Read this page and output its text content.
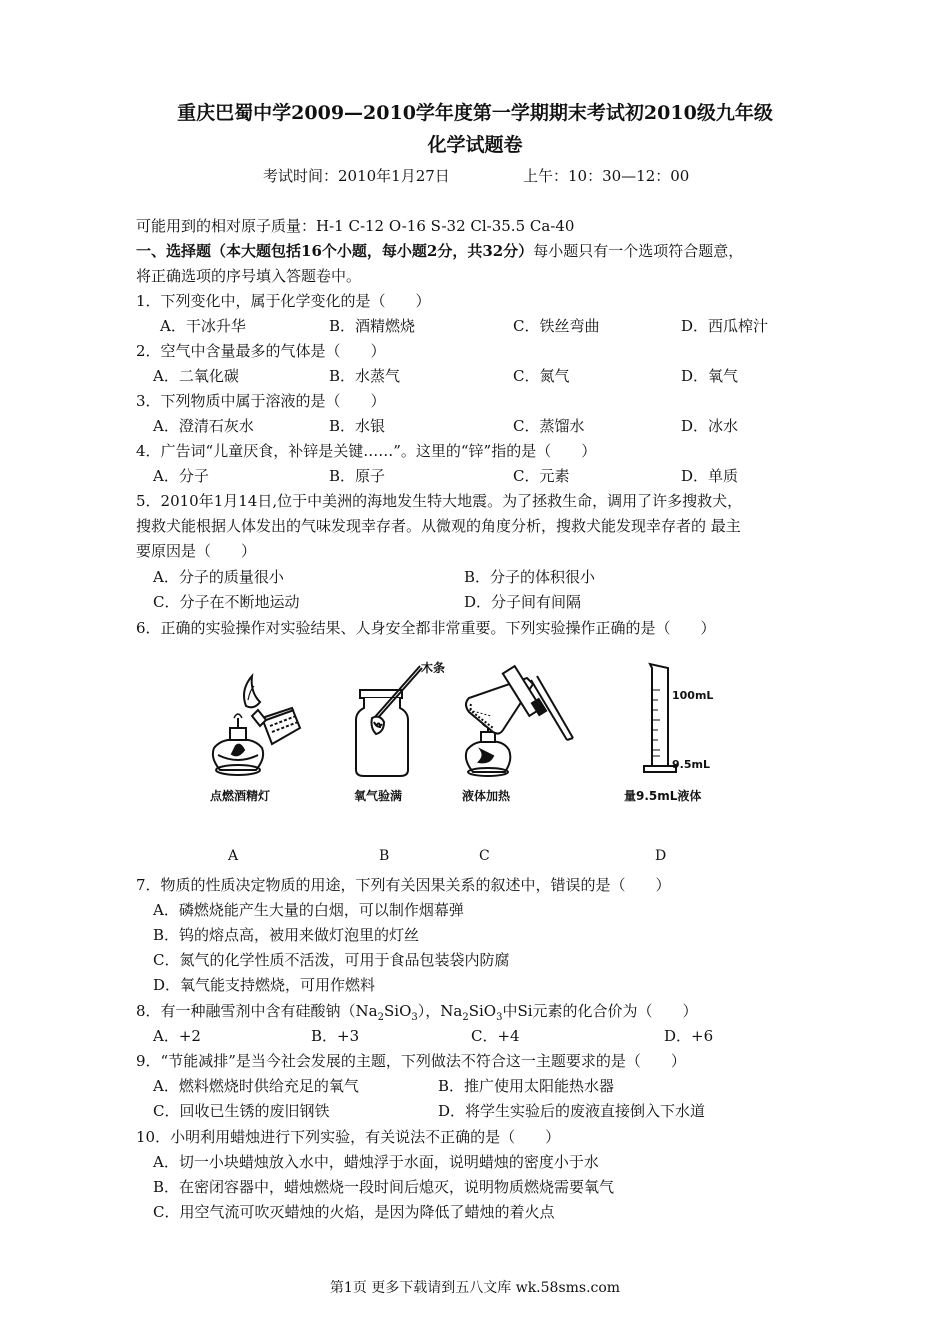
重庆巴蜀中学2009—2010学年度第一学期期末考试初2010级九年级
化学试题卷
考试时间：2010年1月27日	上午：10：30—12：00
可能用到的相对原子质量：H-1 C-12 O-16 S-32 Cl-35.5 Ca-40
一、选择题（本大题包括16个小题，每小题2分，共32分）每小题只有一个选项符合题意，
将正确选项的序号填入答题卷中。
1．下列变化中，属于化学变化的是（　　）
A．干冰升华	B．酒精燃烧	C．铁丝弯曲	D．西瓜榨汁
2．空气中含量最多的气体是（　　）
A．二氧化碳	B．水蒸气	C．氮气	D．氧气
3．下列物质中属于溶液的是（　　）
A．澄清石灰水	B．水银	C．蒸馏水	D．冰水
4．广告词“儿童厌食，补锌是关键……”。这里的“锌”指的是（　　）
A．分子	B．原子	C．元素	D．单质
5．2010年1月14日,位于中美洲的海地发生特大地震。为了拯救生命，调用了许多搜救犬，
搜救犬能根据人体发出的气味发现幸存者。从微观的角度分析，搜救犬能发现幸存者的 最主
要原因是（　　）
A．分子的质量很小	B．分子的体积很小
C．分子在不断地运动	D．分子间有间隔
6．正确的实验操作对实验结果、人身安全都非常重要。下列实验操作正确的是（　　）
点燃酒精灯
木条
氧气验满	液体加热
100mL
9.5mL
量9.5mL液体
A	B	C	D
7．物质的性质决定物质的用途，下列有关因果关系的叙述中，错误的是（　　）
A．磷燃烧能产生大量的白烟，可以制作烟幕弹
B．钨的熔点高，被用来做灯泡里的灯丝
C．氮气的化学性质不活泼，可用于食品包装袋内防腐
D．氧气能支持燃烧，可用作燃料
8．有一种融雪剂中含有硅酸钠$(Na_2SiO_3)$，$Na_2SiO_3$中Si元素的化合价为（　　）
A．+2	B．+3	C．+4	D．+6
9．“节能减排”是当今社会发展的主题，下列做法不符合这一主题要求的是（　　）
A．燃料燃烧时供给充足的氧气	B．推广使用太阳能热水器
C．回收已生锈的废旧钢铁	D．将学生实验后的废液直接倒入下水道
10．小明利用蜡烛进行下列实验，有关说法不正确的是（　　）
A．切一小块蜡烛放入水中，蜡烛浮于水面，说明蜡烛的密度小于水
B．在密闭容器中，蜡烛燃烧一段时间后熄灭，说明物质燃烧需要氧气
C．用空气流可吹灭蜡烛的火焰，是因为降低了蜡烛的着火点
第1页 更多下载请到五八文库 wk.58sms.com
